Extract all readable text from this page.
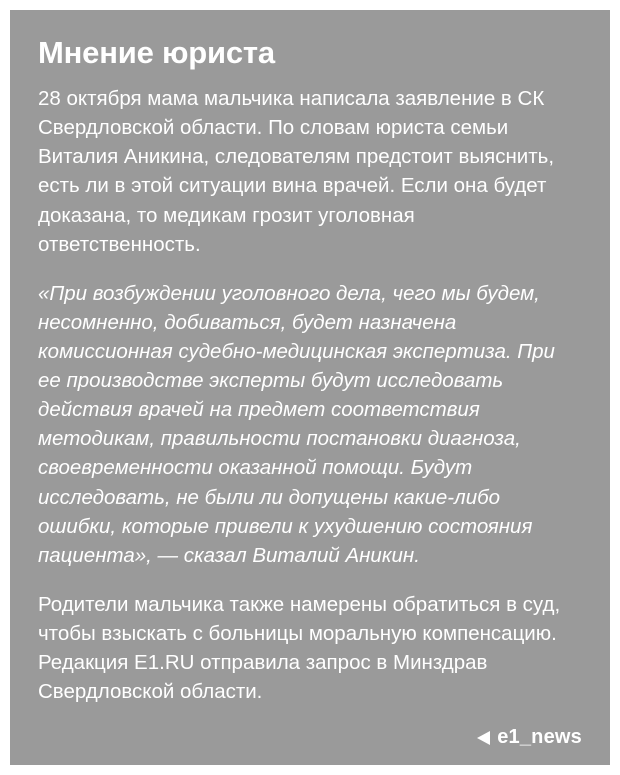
Мнение юриста

28 октября мама мальчика написала заявление в СК Свердловской области. По словам юриста семьи Виталия Аникина, следователям предстоит выяснить, есть ли в этой ситуации вина врачей. Если она будет доказана, то медикам грозит уголовная ответственность.

«При возбуждении уголовного дела, чего мы будем, несомненно, добиваться, будет назначена комиссионная судебно-медицинская экспертиза. При ее производстве эксперты будут исследовать действия врачей на предмет соответствия методикам, правильности постановки диагноза, своевременности оказанной помощи. Будут исследовать, не были ли допущены какие-либо ошибки, которые привели к ухудшению состояния пациента», — сказал Виталий Аникин.

Родители мальчика также намерены обратиться в суд, чтобы взыскать с больницы моральную компенсацию. Редакция E1.RU отправила запрос в Минздрав Свердловской области.

e1_news
